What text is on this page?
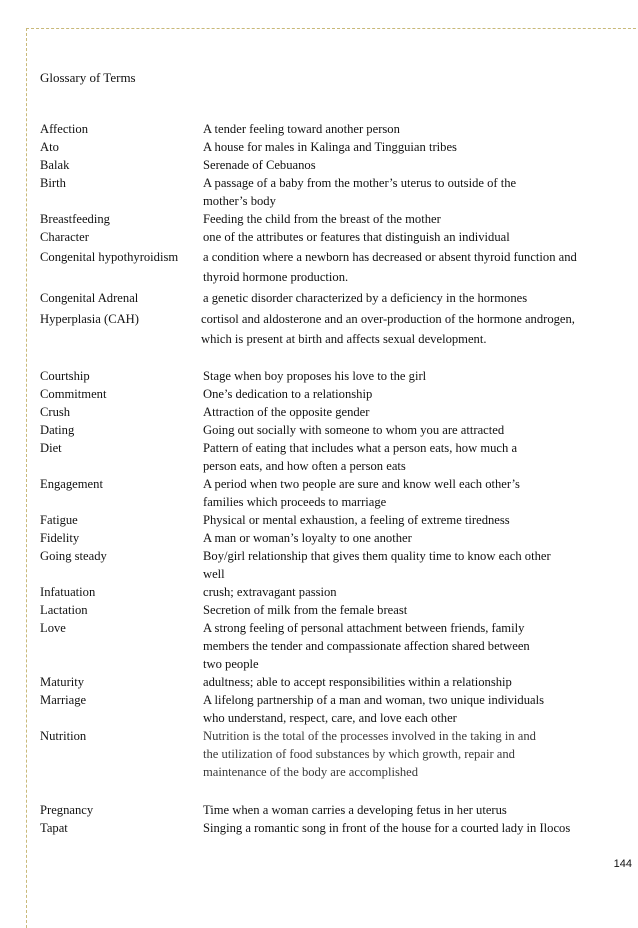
Glossary of Terms
Affection	A tender feeling toward another person
Ato	A house for males in Kalinga and Tingguian tribes
Balak	Serenade of Cebuanos
Birth	A passage of a baby from the mother’s uterus to outside of the
mother’s body
Breastfeeding	Feeding the child from the breast of the mother
Character	one of the attributes or features that distinguish an individual
Congenital hypothyroidism	a condition where a newborn has decreased or absent thyroid function and
thyroid hormone production.
Congenital Adrenal	a genetic disorder characterized by a deficiency in the hormones
Hyperplasia (CAH)	cortisol and aldosterone and an over-production of the hormone androgen,
which is present at birth and affects sexual development.
Courtship	Stage when boy proposes his love to the girl
Commitment	One’s dedication to a relationship
Crush	Attraction of the opposite gender
Dating	Going out socially with someone to whom you are attracted
Diet	Pattern of eating that includes what a person eats, how much a
person eats, and how often a person eats
Engagement	A period when two people are sure and know well each other’s
families which proceeds to marriage
Fatigue	Physical or mental exhaustion, a feeling of extreme tiredness
Fidelity	A man or woman’s loyalty to one another
Going steady	Boy/girl relationship that gives them quality time to know each other
well
Infatuation	crush; extravagant passion
Lactation	Secretion of milk from the female breast
Love	A strong feeling of personal attachment between friends, family
members the tender and compassionate affection shared between
two people
Maturity	adultness; able to accept responsibilities within a relationship
Marriage	A lifelong partnership of a man and woman, two unique individuals
who understand, respect, care, and love each other
Nutrition	Nutrition is the total of the processes involved in the taking in and
the utilization of food substances by which growth, repair and
maintenance of the body are accomplished
Pregnancy	Time when a woman carries a developing fetus in her uterus
Tapat	Singing a romantic song in front of the house for a courted lady in Ilocos
144
